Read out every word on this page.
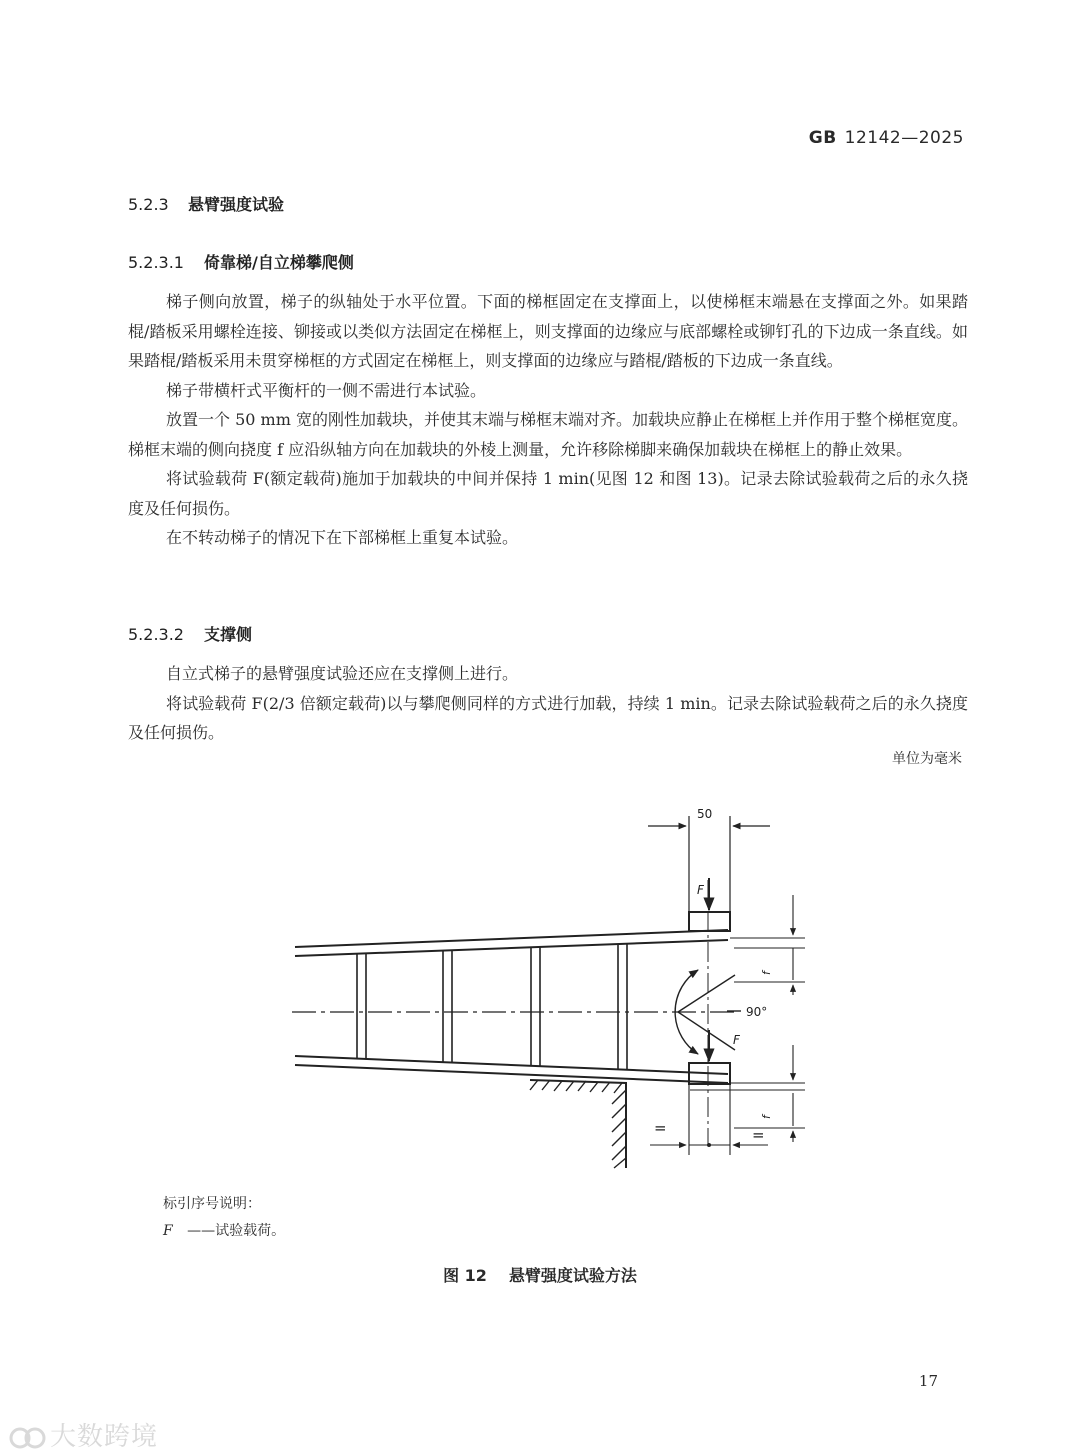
GB 12142—2025
5.2.3 悬臂强度试验
5.2.3.1 倚靠梯/自立梯攀爬侧

梯子侧向放置，梯子的纵轴处于水平位置。下面的梯框固定在支撑面上，以使梯框末端悬在支撑面之外。如果踏棍/踏板采用螺栓连接、铆接或以类似方法固定在梯框上，则支撑面的边缘应与底部螺栓或铆钉孔的下边成一条直线。如果踏棍/踏板采用未贯穿梯框的方式固定在梯框上，则支撑面的边缘应与踏棍/踏板的下边成一条直线。

梯子带横杆式平衡杆的一侧不需进行本试验。

放置一个 50 mm 宽的刚性加载块，并使其末端与梯框末端对齐。加载块应静止在梯框上并作用于整个梯框宽度。梯框末端的侧向挠度 f 应沿纵轴方向在加载块的外棱上测量，允许移除梯脚来确保加载块在梯框上的静止效果。

将试验载荷 F(额定载荷)施加于加载块的中间并保持 1 min(见图 12 和图 13)。记录去除试验载荷之后的永久挠度及任何损伤。

在不转动梯子的情况下在下部梯框上重复本试验。

5.2.3.2 支撑侧

自立式梯子的悬臂强度试验还应在支撑侧上进行。

将试验载荷 F(2/3 倍额定载荷)以与攀爬侧同样的方式进行加载，持续 1 min。记录去除试验载荷之后的永久挠度及任何损伤。

单位为毫米
50
F
F
90°
f
f
=	=
标引序号说明：
F ——试验载荷。
图 12 悬臂强度试验方法
17
大数跨境
